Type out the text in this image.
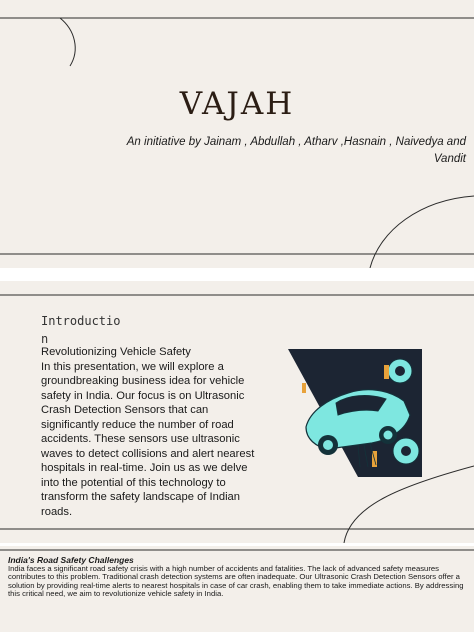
VAJAH
An initiative by Jainam , Abdullah , Atharv ,Hasnain , Naivedya and Vandit
Introductio n
Revolutionizing Vehicle Safety
In this presentation, we will explore a groundbreaking business idea for vehicle safety in India. Our focus is on Ultrasonic Crash Detection Sensors that can significantly reduce the number of road accidents. These sensors use ultrasonic waves to detect collisions and alert nearest hospitals in real-time. Join us as we delve into the potential of this technology to transform the safety landscape of Indian roads.
India's Road Safety Challenges
India faces a significant road safety crisis with a high number of accidents and fatalities. The lack of advanced safety measures contributes to this problem. Traditional crash detection systems are often inadequate. Our Ultrasonic Crash Detection Sensors offer a solution by providing real-time alerts to nearest hospitals in case of car crash, enabling them to take immediate actions. By addressing this critical need, we aim to revolutionize vehicle safety in India.
